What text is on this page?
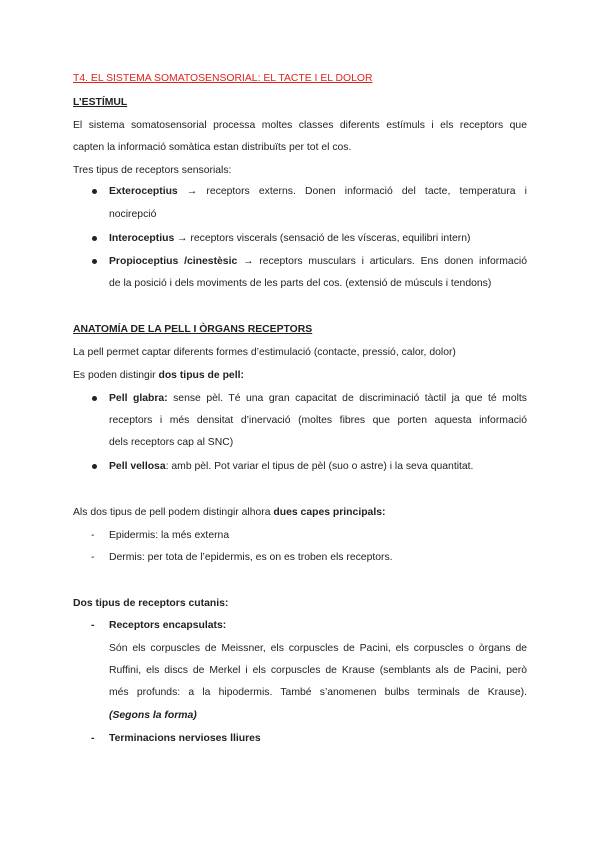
T4. EL SISTEMA SOMATOSENSORIAL: EL TACTE I EL DOLOR
L’ESTÍMUL
El sistema somatosensorial processa moltes classes diferents estímuls i els receptors que
capten la informació somàtica estan distribuïts per tot el cos.
Tres tipus de receptors sensorials:
Exteroceptius → receptors externs. Donen informació del tacte, temperatura i
nocirepció
Interoceptius → receptors viscerals (sensació de les vísceras, equilibri intern)
Propioceptius /cinestèsic → receptors musculars i articulars. Ens donen informació
de la posició i dels moviments de les parts del cos. (extensió de músculs i tendons)
ANATOMÍA DE LA PELL I ÒRGANS RECEPTORS
La pell permet captar diferents formes d’estimulació (contacte, pressió, calor, dolor)
Es poden distingir dos tipus de pell:
Pell glabra: sense pèl. Té una gran capacitat de discriminació tàctil ja que té molts
receptors i més densitat d’inervació (moltes fibres que porten aquesta informació
dels receptors cap al SNC)
Pell vellosa: amb pèl. Pot variar el tipus de pèl (suo o astre) i la seva quantitat.
Als dos tipus de pell podem distingir alhora dues capes principals:
- Epidermis: la més externa
- Dermis: per tota de l’epidermis, es on es troben els receptors.
Dos tipus de receptors cutanis:
- Receptors encapsulats:
Són els corpuscles de Meissner, els corpuscles de Pacini, els corpuscles o òrgans de
Ruffini, els discs de Merkel i els corpuscles de Krause (semblants als de Pacini, però
més profunds: a la hipodermis. També s’anomenen bulbs terminals de Krause).
(Segons la forma)
- Terminacions nervioses lliures
